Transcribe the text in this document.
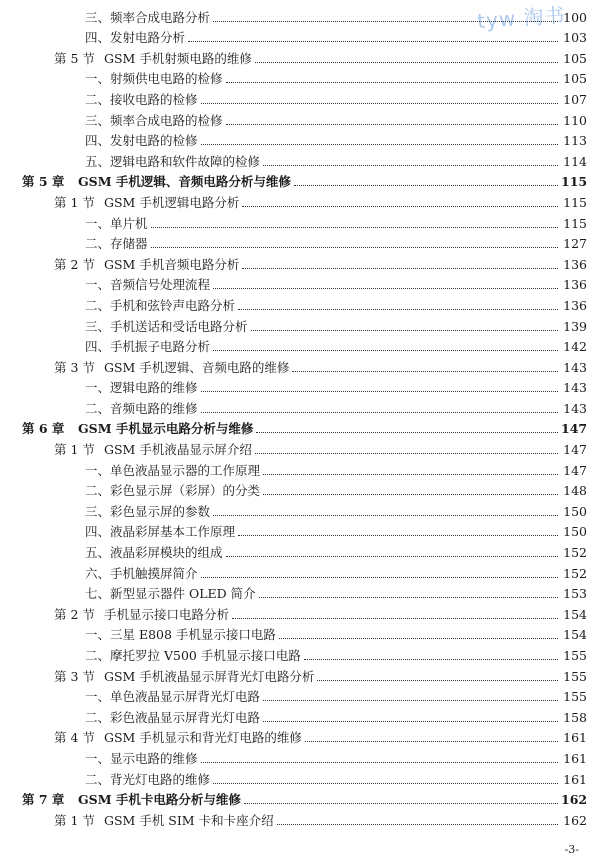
tyw 淘书
三、频率合成电路分析	100
四、发射电路分析	103
第 5 节 GSM 手机射频电路的维修	105
一、射频供电电路的检修	105
二、接收电路的检修	107
三、频率合成电路的检修	110
四、发射电路的检修	113
五、逻辑电路和软件故障的检修	114
第 5 章 GSM 手机逻辑、音频电路分析与维修	115
第 1 节 GSM 手机逻辑电路分析	115
一、单片机	115
二、存储器	127
第 2 节 GSM 手机音频电路分析	136
一、音频信号处理流程	136
二、手机和弦铃声电路分析	136
三、手机送话和受话电路分析	139
四、手机振子电路分析	142
第 3 节 GSM 手机逻辑、音频电路的维修	143
一、逻辑电路的维修	143
二、音频电路的维修	143
第 6 章 GSM 手机显示电路分析与维修	147
第 1 节 GSM 手机液晶显示屏介绍	147
一、单色液晶显示器的工作原理	147
二、彩色显示屏（彩屏）的分类	148
三、彩色显示屏的参数	150
四、液晶彩屏基本工作原理	150
五、液晶彩屏模块的组成	152
六、手机触摸屏简介	152
七、新型显示器件 OLED 简介	153
第 2 节 手机显示接口电路分析	154
一、三星 E808 手机显示接口电路	154
二、摩托罗拉 V500 手机显示接口电路	155
第 3 节 GSM 手机液晶显示屏背光灯电路分析	155
一、单色液晶显示屏背光灯电路	155
二、彩色液晶显示屏背光灯电路	158
第 4 节 GSM 手机显示和背光灯电路的维修	161
一、显示电路的维修	161
二、背光灯电路的维修	161
第 7 章 GSM 手机卡电路分析与维修	162
第 1 节 GSM 手机 SIM 卡和卡座介绍	162
-3-
